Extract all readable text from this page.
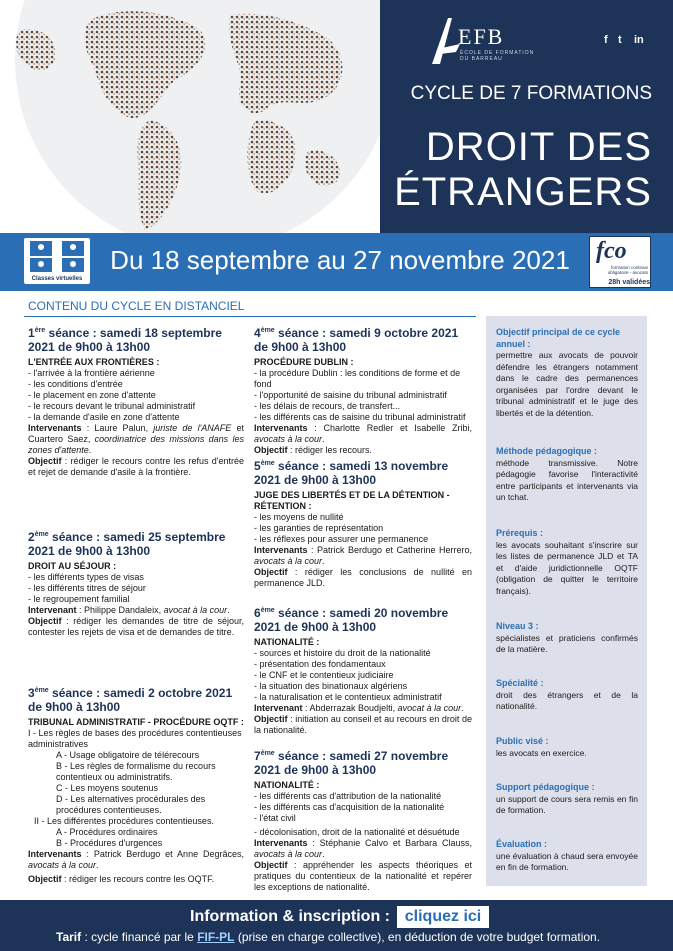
EFB
ÉCOLE DE FORMATION DU BARREAU
f t in
CYCLE DE 7 FORMATIONS
DROIT DES
ÉTRANGERS
Classes virtuelles
Du 18 septembre au 27 novembre 2021	fco
formation continue obligatoire - avocats
28h validées
CONTENU DU CYCLE EN DISTANCIEL

1ère séance : samedi 18 septembre 2021 de 9h00 à 13h00

L'ENTRÉE AUX FRONTIÈRES :

- l'arrivée à la frontière aérienne

- les conditions d'entrée

- le placement en zone d'attente

- le recours devant le tribunal administratif

- la demande d'asile en zone d'attente

Intervenants : Laure Palun, juriste de l'ANAFE et Cuartero Saez, coordinatrice des missions dans les zones d'attente.

Objectif : rédiger le recours contre les refus d'entrée et rejet de demande d'asile à la frontière.

2ème séance : samedi 25 septembre 2021 de 9h00 à 13h00

DROIT AU SÉJOUR :

- les différents types de visas

- les différents titres de séjour

- le regroupement familial

Intervenant : Philippe Dandaleix, avocat à la cour.

Objectif : rédiger les demandes de titre de séjour, contester les rejets de visa et de demandes de titre.

3ème séance : samedi 2 octobre 2021 de 9h00 à 13h00

TRIBUNAL ADMINISTRATIF - PROCÉDURE OQTF :

I - Les règles de bases des procédures contentieuses administratives

A - Usage obligatoire de télérecours

B - Les règles de formalisme du recours contentieux ou administratifs.

C - Les moyens soutenus

D - Les alternatives procédurales des procédures contentieuses.

II - Les différentes procédures contentieuses.

A - Procédures ordinaires

B - Procédures d'urgences

Intervenants : Patrick Berdugo et Anne Degrâces, avocats à la cour.

Objectif : rédiger les recours contre les OQTF.

4ème séance : samedi 9 octobre 2021 de 9h00 à 13h00

PROCÉDURE DUBLIN :

- la procédure Dublin : les conditions de forme et de fond

- l'opportunité de saisine du tribunal administratif

- les délais de recours, de transfert...

- les différents cas de saisine du tribunal administratif

Intervenants : Charlotte Redler et Isabelle Zribi, avocats à la cour.

Objectif : rédiger les recours.

5ème séance : samedi 13 novembre 2021 de 9h00 à 13h00

JUGE DES LIBERTÉS ET DE LA DÉTENTION - RÉTENTION :

- les moyens de nullité

- les garanties de représentation

- les réflexes pour assurer une permanence

Intervenants : Patrick Berdugo et Catherine Herrero, avocats à la cour.

Objectif : rédiger les conclusions de nullité en permanence JLD.

6ème séance : samedi 20 novembre 2021 de 9h00 à 13h00

NATIONALITÉ :

- sources et histoire du droit de la nationalité

- présentation des fondamentaux

- le CNF et le contentieux judiciaire

- la situation des binationaux algériens

- la naturalisation et le contentieux administratif

Intervenant : Abderrazak Boudjelti, avocat à la cour.

Objectif : initiation au conseil et au recours en droit de la nationalité.

7ème séance : samedi 27 novembre 2021 de 9h00 à 13h00

NATIONALITÉ :

- les différents cas d'attribution de la nationalité

- les différents cas d'acquisition de la nationalité

- l'état civil

- décolonisation, droit de la nationalité et désuétude

Intervenants : Stéphanie Calvo et Barbara Clauss, avocats à la cour.

Objectif : appréhender les aspects théoriques et pratiques du contentieux de la nationalité et repérer les exceptions de nationalité.

Objectif principal de ce cycle annuel :

permettre aux avocats de pouvoir défendre les étrangers notamment dans le cadre des permanences organisées par l'ordre devant le tribunal administratif et le juge des libertés et de la détention.

Méthode pédagogique :

méthode transmissive. Notre pédagogie favorise l'interactivité entre participants et intervenants via un tchat.

Prérequis :

les avocats souhaitant s'inscrire sur les listes de permanence JLD et TA et d'aide juridictionnelle OQTF (obligation de quitter le territoire français).

Niveau 3 :

spécialistes et praticiens confirmés de la matière.

Spécialité :

droit des étrangers et de la nationalité.

Public visé :

les avocats en exercice.

Support pédagogique :

un support de cours sera remis en fin de formation.

Évaluation :

une évaluation à chaud sera envoyée en fin de formation.

Information & inscription : cliquez ici
Tarif : cycle financé par le FIF-PL (prise en charge collective), en déduction de votre budget formation.
